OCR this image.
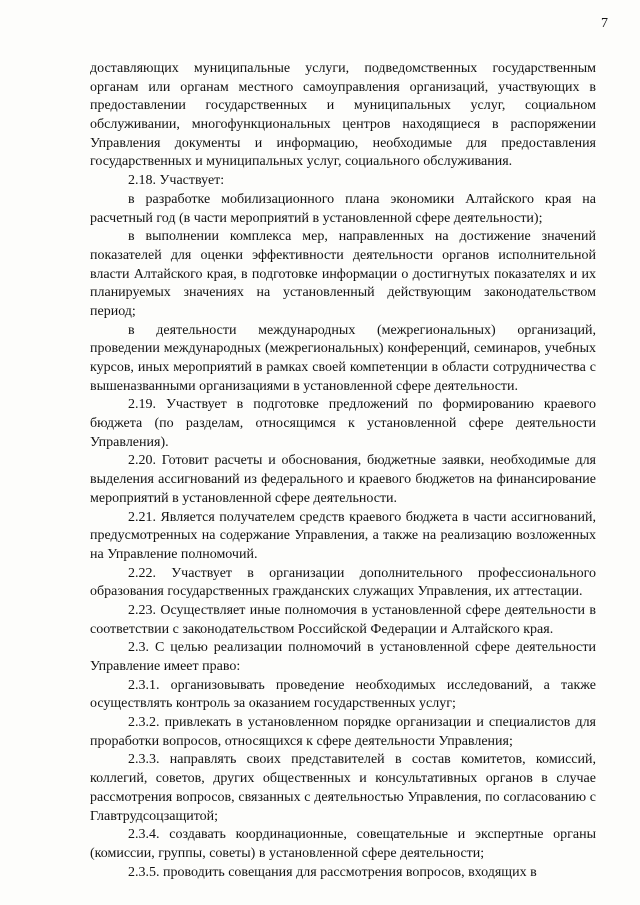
7

доставляющих муниципальные услуги, подведомственных государственным органам или органам местного самоуправления организаций, участвующих в предоставлении государственных и муниципальных услуг, социальном обслуживании, многофункциональных центров находящиеся в распоряжении Управления документы и информацию, необходимые для предоставления государственных и муниципальных услуг, социального обслуживания.

2.18. Участвует:

в разработке мобилизационного плана экономики Алтайского края на расчетный год (в части мероприятий в установленной сфере деятельности);

в выполнении комплекса мер, направленных на достижение значений показателей для оценки эффективности деятельности органов исполнительной власти Алтайского края, в подготовке информации о достигнутых показателях и их планируемых значениях на установленный действующим законодательством период;

в деятельности международных (межрегиональных) организаций, проведении международных (межрегиональных) конференций, семинаров, учебных курсов, иных мероприятий в рамках своей компетенции в области сотрудничества с вышеназванными организациями в установленной сфере деятельности.

2.19. Участвует в подготовке предложений по формированию краевого бюджета (по разделам, относящимся к установленной сфере деятельности Управления).

2.20. Готовит расчеты и обоснования, бюджетные заявки, необходимые для выделения ассигнований из федерального и краевого бюджетов на финансирование мероприятий в установленной сфере деятельности.

2.21. Является получателем средств краевого бюджета в части ассигнований, предусмотренных на содержание Управления, а также на реализацию возложенных на Управление полномочий.

2.22. Участвует в организации дополнительного профессионального образования государственных гражданских служащих Управления, их аттестации.

2.23. Осуществляет иные полномочия в установленной сфере деятельности в соответствии с законодательством Российской Федерации и Алтайского края.

2.3. С целью реализации полномочий в установленной сфере деятельности Управление имеет право:

2.3.1. организовывать проведение необходимых исследований, а также осуществлять контроль за оказанием государственных услуг;

2.3.2. привлекать в установленном порядке организации и специалистов для проработки вопросов, относящихся к сфере деятельности Управления;

2.3.3. направлять своих представителей в состав комитетов, комиссий, коллегий, советов, других общественных и консультативных органов в случае рассмотрения вопросов, связанных с деятельностью Управления, по согласованию с Главтрудсоцзащитой;

2.3.4. создавать координационные, совещательные и экспертные органы (комиссии, группы, советы) в установленной сфере деятельности;

2.3.5. проводить совещания для рассмотрения вопросов, входящих в
